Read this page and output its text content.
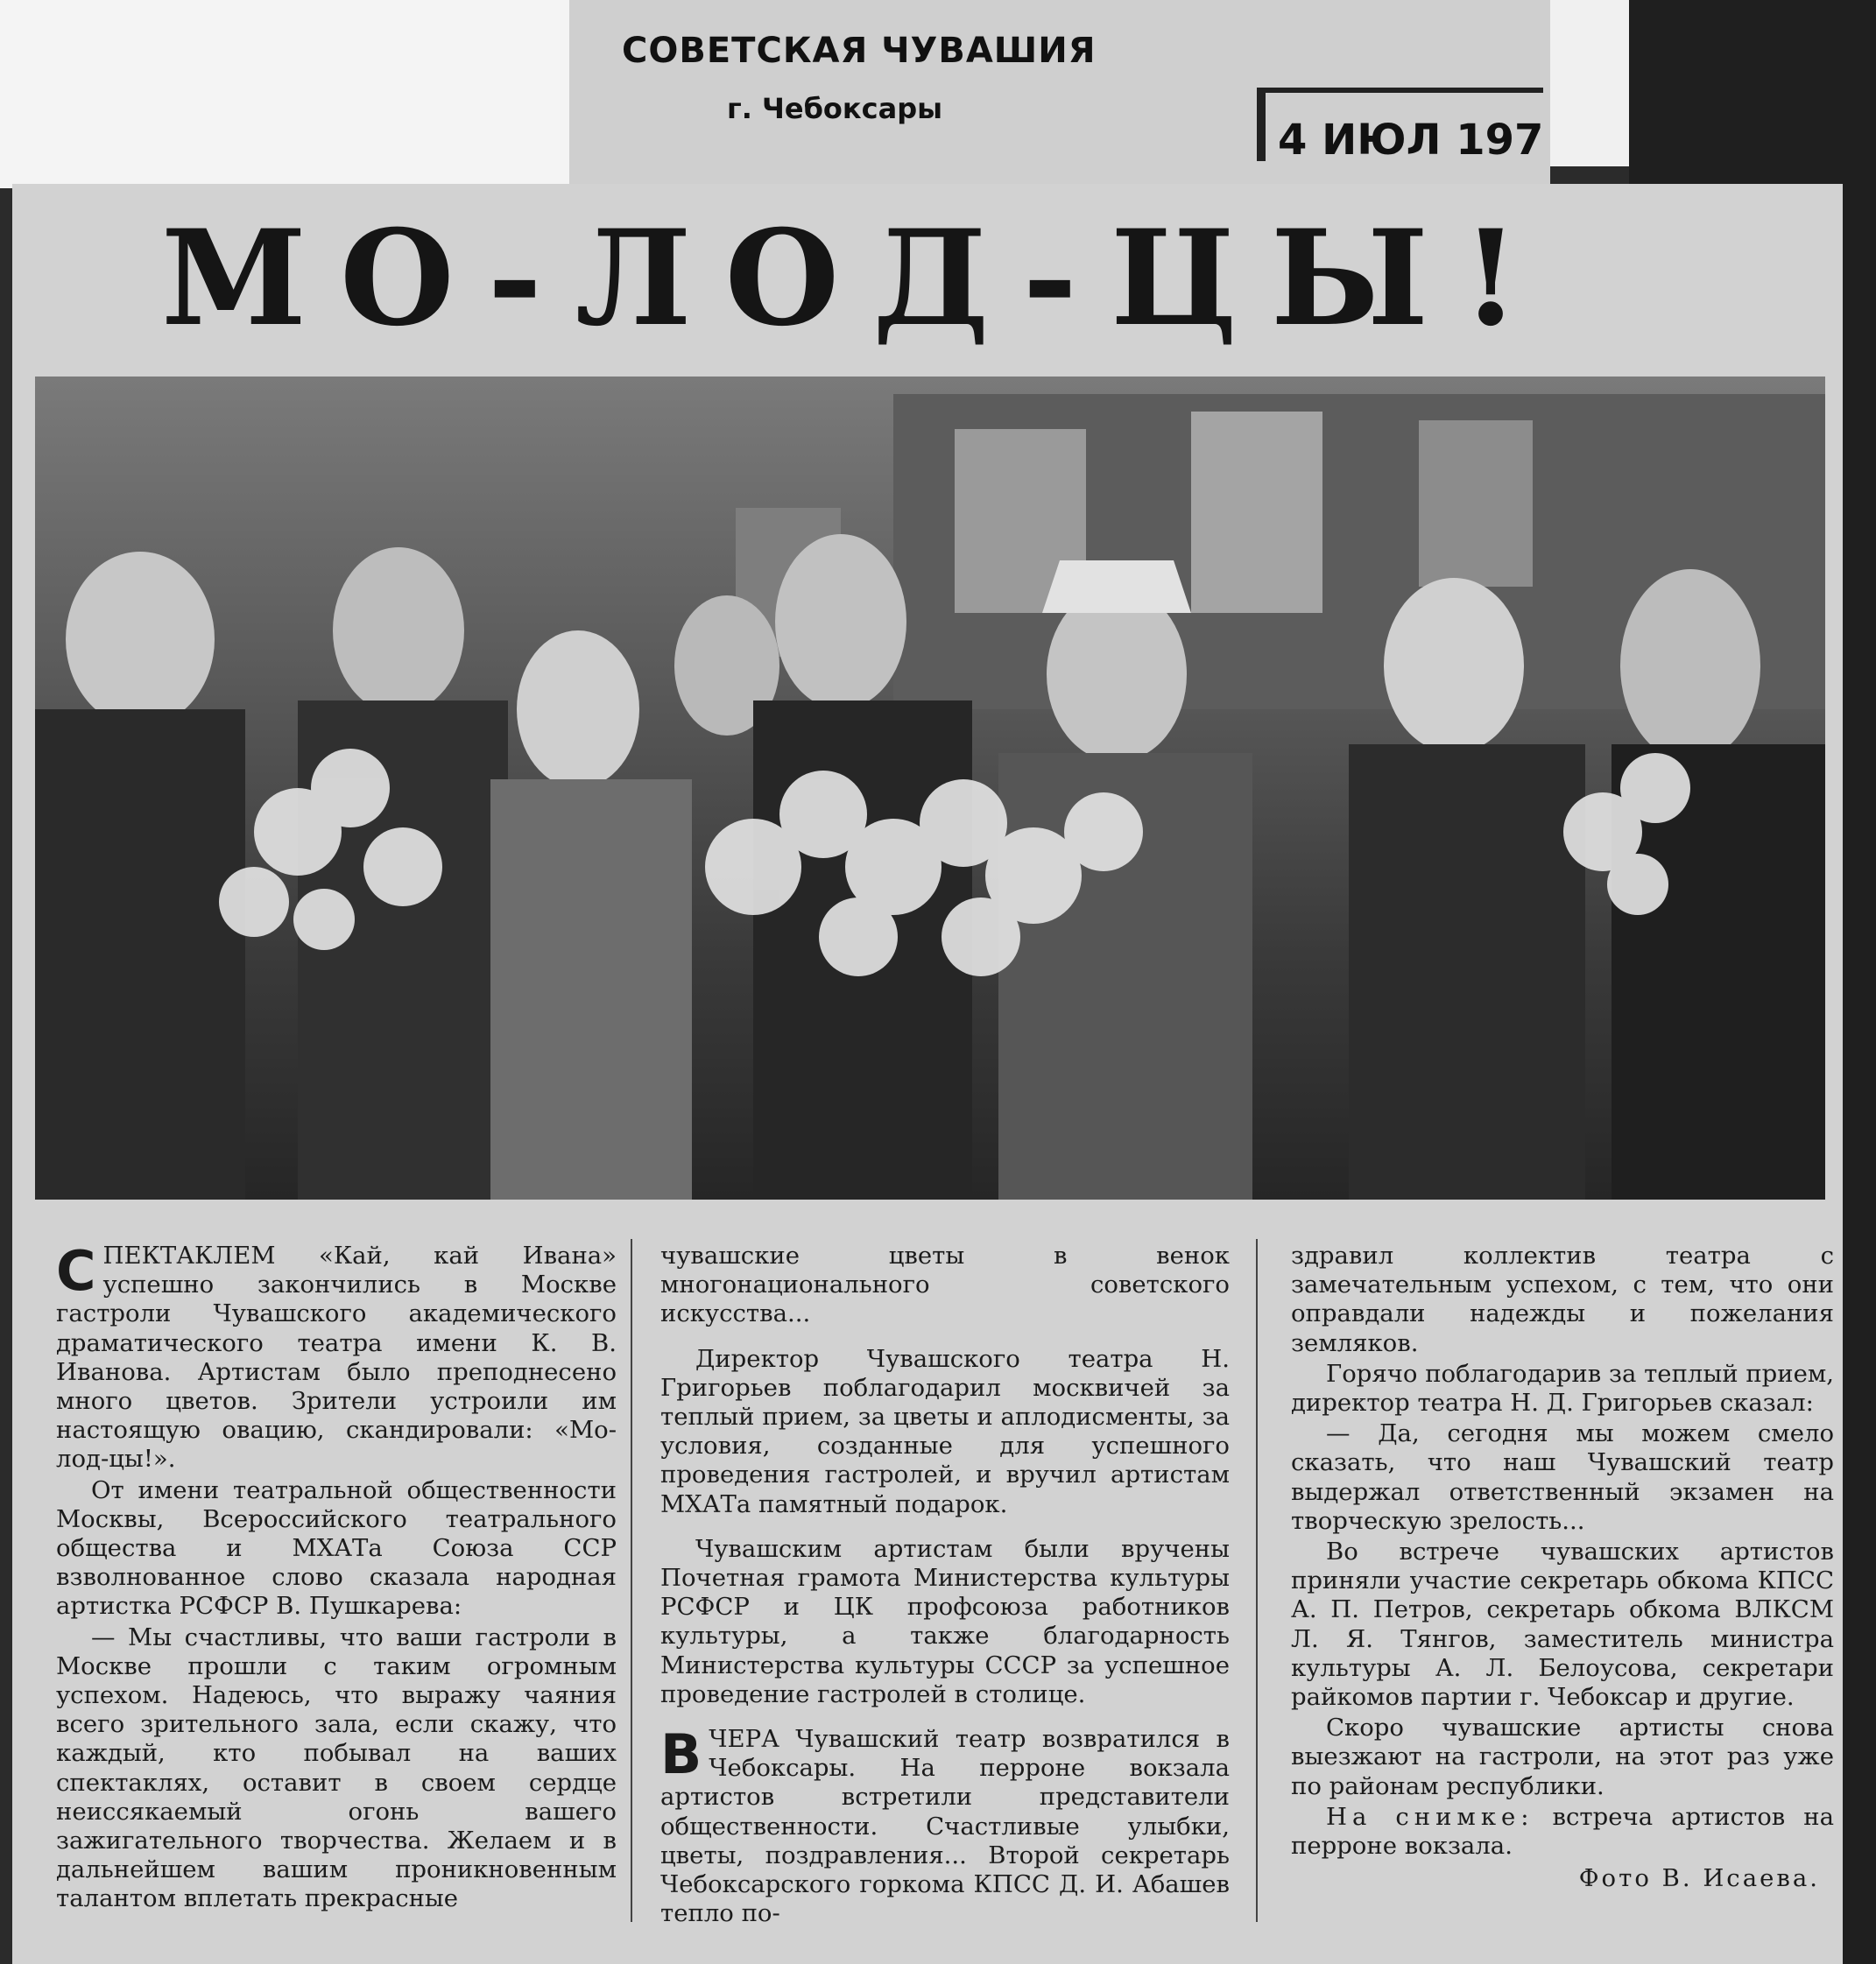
СОВЕТСКАЯ ЧУВАШИЯ
г. Чебоксары
4 ИЮЛ 197
МО-ЛОД-ЦЫ!

СПЕКТАКЛЕМ «Кай, кай Ивана» успешно закончились в Москве гастроли Чувашского академического драматического театра имени К. В. Иванова. Артистам было преподнесено много цветов. Зрители устроили им настоящую овацию, скандировали: «Мо-лод-цы!».

От имени театральной общественности Москвы, Всероссийского театрального общества и МХАТа Союза ССР взволнованное слово сказала народная артистка РСФСР В. Пушкарева:

— Мы счастливы, что ваши гастроли в Москве прошли с таким огромным успехом. Надеюсь, что выражу чаяния всего зрительного зала, если скажу, что каждый, кто побывал на ваших спектаклях, оставит в своем сердце неиссякаемый огонь вашего зажигательного творчества. Желаем и в дальнейшем вашим проникновенным талантом вплетать прекрасные

чувашские цветы в венок многонационального советского искусства...

Директор Чувашского театра Н. Григорьев поблагодарил москвичей за теплый прием, за цветы и аплодисменты, за условия, созданные для успешного проведения гастролей, и вручил артистам МХАТа памятный подарок.

Чувашским артистам были вручены Почетная грамота Министерства культуры РСФСР и ЦК профсоюза работников культуры, а также благодарность Министерства культуры СССР за успешное проведение гастролей в столице.

ВЧЕРА Чувашский театр возвратился в Чебоксары. На перроне вокзала артистов встретили представители общественности. Счастливые улыбки, цветы, поздравления... Второй секретарь Чебоксарского горкома КПСС Д. И. Абашев тепло по-

здравил коллектив театра с замечательным успехом, с тем, что они оправдали надежды и пожелания земляков.

Горячо поблагодарив за теплый прием, директор театра Н. Д. Григорьев сказал:

— Да, сегодня мы можем смело сказать, что наш Чувашский театр выдержал ответственный экзамен на творческую зрелость...

Во встрече чувашских артистов приняли участие секретарь обкома КПСС А. П. Петров, секретарь обкома ВЛКСМ Л. Я. Тянгов, заместитель министра культуры А. Л. Белоусова, секретари райкомов партии г. Чебоксар и другие.

Скоро чувашские артисты снова выезжают на гастроли, на этот раз уже по районам республики.

На снимке: встреча артистов на перроне вокзала.

Фото В. Исаева.
